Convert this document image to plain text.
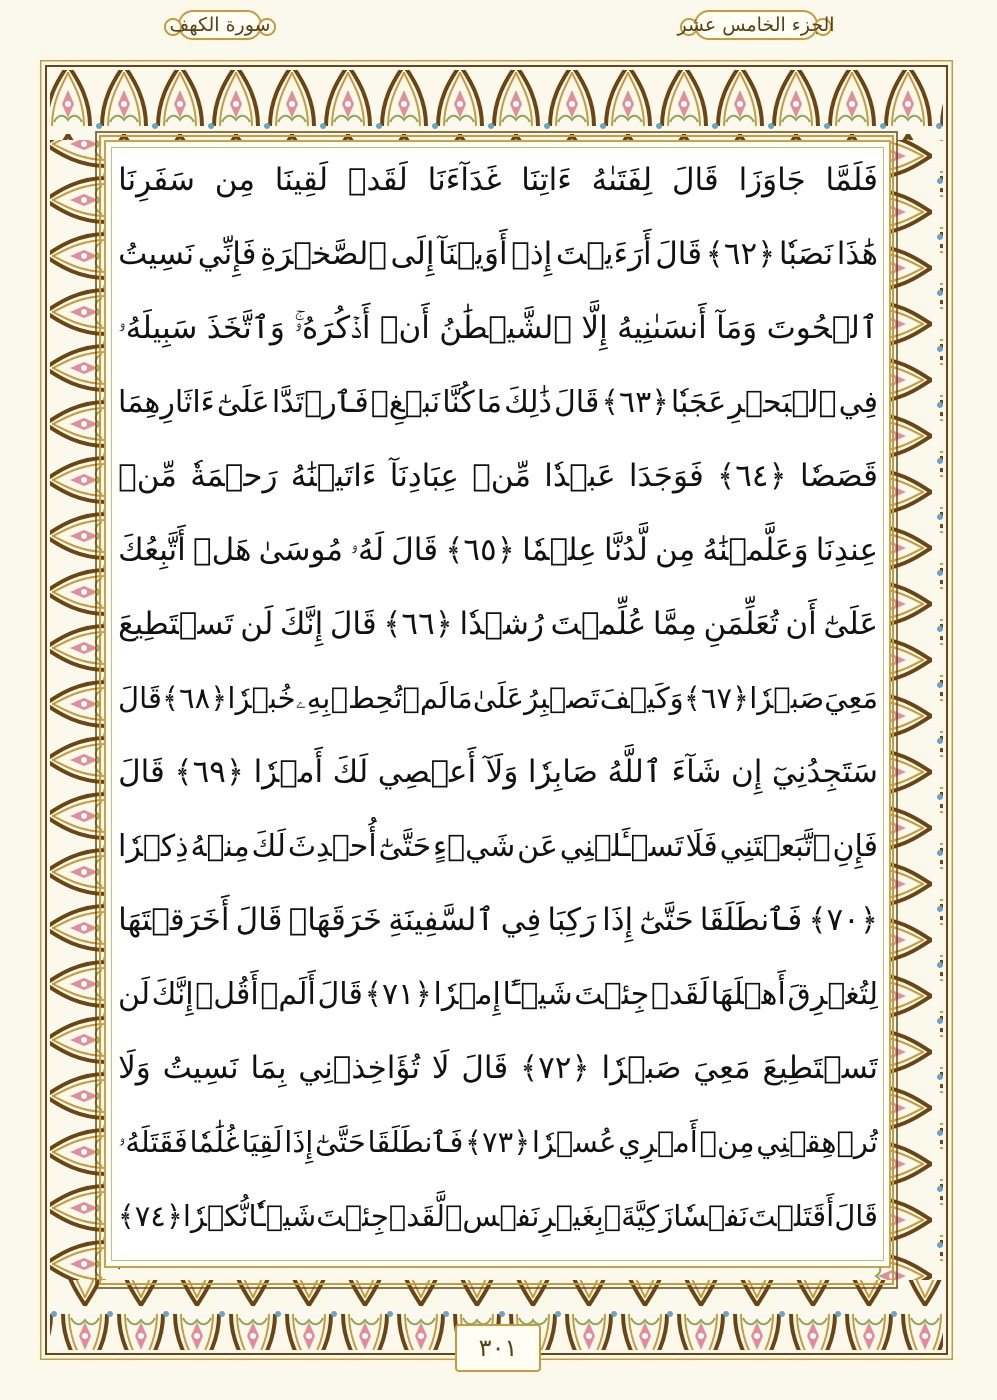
سورة الكهف	الجزء الخامس عشر
فَلَمَّا
جَاوَزَا
قَالَ
لِفَتَىٰهُ
ءَاتِنَا
غَدَآءَنَا
لَقَدۡ
لَقِينَا
مِن
سَفَرِنَا
هَٰذَا
نَصَبٗا
﴿٦٢﴾
قَالَ
أَرَءَيۡتَ
إِذۡ
أَوَيۡنَآ
إِلَى
ٱلصَّخۡرَةِ
فَإِنِّي
نَسِيتُ
ٱلۡحُوتَ
وَمَآ
أَنسَىٰنِيهُ
إِلَّا
ٱلشَّيۡطَٰنُ
أَنۡ
أَذۡكُرَهُۥۚ
وَٱتَّخَذَ
سَبِيلَهُۥ
فِي
ٱلۡبَحۡرِ
عَجَبٗا
﴿٦٣﴾
قَالَ
ذَٰلِكَ
مَا
كُنَّا
نَبۡغِۚ
فَٱرۡتَدَّا
عَلَىٰٓ
ءَاثَارِهِمَا
قَصَصٗا
﴿٦٤﴾
فَوَجَدَا
عَبۡدٗا
مِّنۡ
عِبَادِنَآ
ءَاتَيۡنَٰهُ
رَحۡمَةٗ
مِّنۡ
عِندِنَا
وَعَلَّمۡنَٰهُ
مِن
لَّدُنَّا
عِلۡمٗا
﴿٦٥﴾
قَالَ
لَهُۥ
مُوسَىٰ
هَلۡ
أَتَّبِعُكَ
عَلَىٰٓ
أَن
تُعَلِّمَنِ
مِمَّا
عُلِّمۡتَ
رُشۡدٗا
﴿٦٦﴾
قَالَ
إِنَّكَ
لَن
تَسۡتَطِيعَ
مَعِيَ
صَبۡرٗا
﴿٦٧﴾
وَكَيۡفَ
تَصۡبِرُ
عَلَىٰ
مَا
لَمۡ
تُحِطۡ
بِهِۦ
خُبۡرٗا
﴿٦٨﴾
قَالَ
سَتَجِدُنِيٓ
إِن
شَآءَ
ٱللَّهُ
صَابِرٗا
وَلَآ
أَعۡصِي
لَكَ
أَمۡرٗا
﴿٦٩﴾
قَالَ
فَإِنِ
ٱتَّبَعۡتَنِي
فَلَا
تَسۡـَٔلۡنِي
عَن
شَيۡءٍ
حَتَّىٰٓ
أُحۡدِثَ
لَكَ
مِنۡهُ
ذِكۡرٗا
﴿٧٠﴾
فَٱنطَلَقَا
حَتَّىٰٓ
إِذَا
رَكِبَا
فِي
ٱلسَّفِينَةِ
خَرَقَهَاۖ
قَالَ
أَخَرَقۡتَهَا
لِتُغۡرِقَ
أَهۡلَهَا
لَقَدۡ
جِئۡتَ
شَيۡـًٔا
إِمۡرٗا
﴿٧١﴾
قَالَ
أَلَمۡ
أَقُلۡ
إِنَّكَ
لَن
تَسۡتَطِيعَ
مَعِيَ
صَبۡرٗا
﴿٧٢﴾
قَالَ
لَا
تُؤَاخِذۡنِي
بِمَا
نَسِيتُ
وَلَا
تُرۡهِقۡنِي
مِنۡ
أَمۡرِي
عُسۡرٗا
﴿٧٣﴾
فَٱنطَلَقَا
حَتَّىٰٓ
إِذَا
لَقِيَا
غُلَٰمٗا
فَقَتَلَهُۥ
قَالَ
أَقَتَلۡتَ
نَفۡسٗا
زَكِيَّةَۢ
بِغَيۡرِ
نَفۡسٖ
لَّقَدۡ
جِئۡتَ
شَيۡـٔٗا
نُّكۡرٗا
﴿٧٤﴾
٣٠١
